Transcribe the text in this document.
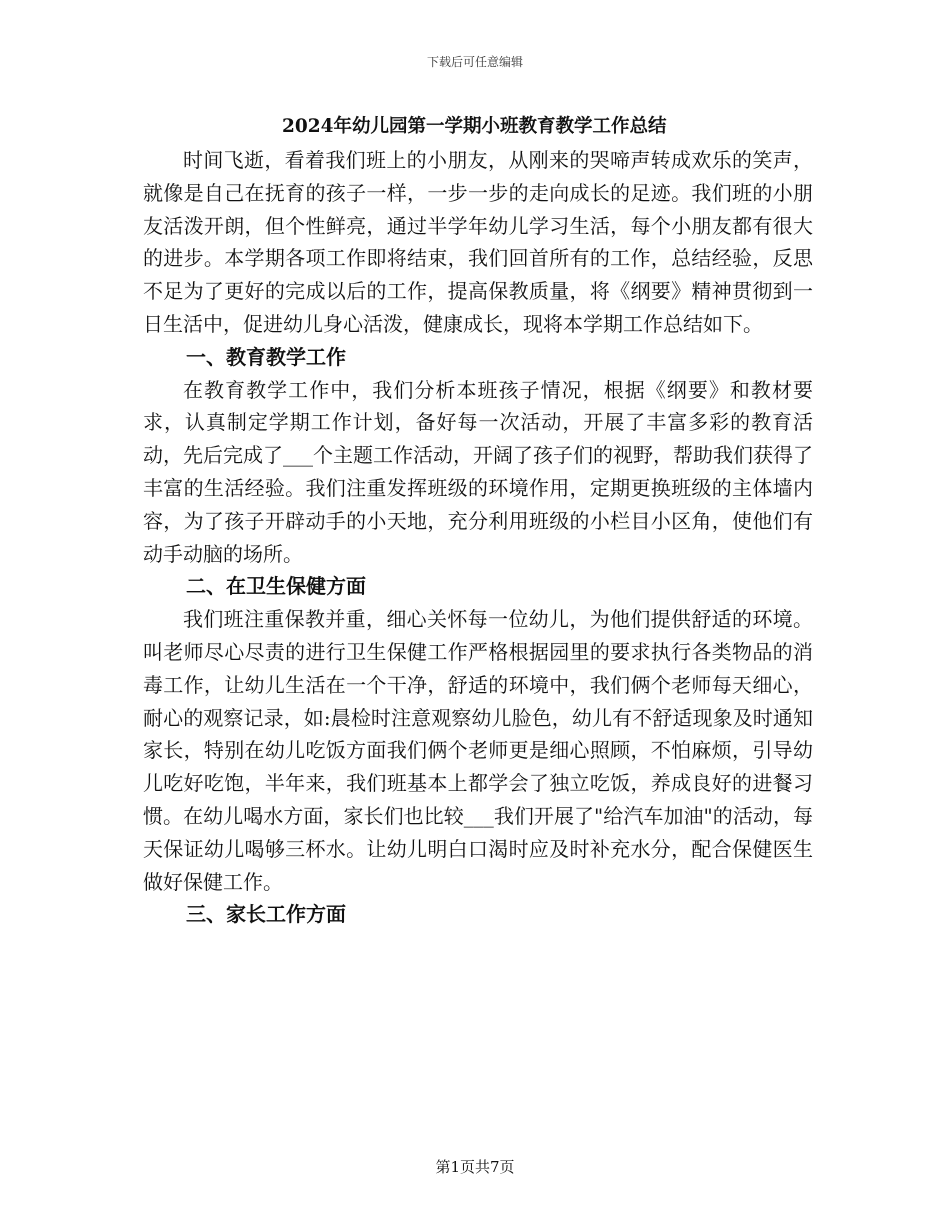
下载后可任意编辑
2024年幼儿园第一学期小班教育教学工作总结

时间飞逝，看着我们班上的小朋友，从刚来的哭啼声转成欢乐的笑声，就像是自己在抚育的孩子一样，一步一步的走向成长的足迹。我们班的小朋友活泼开朗，但个性鲜亮，通过半学年幼儿学习生活，每个小朋友都有很大的进步。本学期各项工作即将结束，我们回首所有的工作，总结经验，反思不足为了更好的完成以后的工作，提高保教质量，将《纲要》精神贯彻到一日生活中，促进幼儿身心活泼，健康成长，现将本学期工作总结如下。

一、教育教学工作

在教育教学工作中，我们分析本班孩子情况，根据《纲要》和教材要求，认真制定学期工作计划，备好每一次活动，开展了丰富多彩的教育活动，先后完成了___个主题工作活动，开阔了孩子们的视野，帮助我们获得了丰富的生活经验。我们注重发挥班级的环境作用，定期更换班级的主体墙内容，为了孩子开辟动手的小天地，充分利用班级的小栏目小区角，使他们有动手动脑的场所。

二、在卫生保健方面

我们班注重保教并重，细心关怀每一位幼儿，为他们提供舒适的环境。叫老师尽心尽责的进行卫生保健工作严格根据园里的要求执行各类物品的消毒工作，让幼儿生活在一个干净，舒适的环境中，我们俩个老师每天细心，耐心的观察记录，如:晨检时注意观察幼儿脸色，幼儿有不舒适现象及时通知家长，特别在幼儿吃饭方面我们俩个老师更是细心照顾，不怕麻烦，引导幼儿吃好吃饱，半年来，我们班基本上都学会了独立吃饭，养成良好的进餐习惯。在幼儿喝水方面，家长们也比较___我们开展了"给汽车加油"的活动，每天保证幼儿喝够三杯水。让幼儿明白口渴时应及时补充水分，配合保健医生做好保健工作。

三、家长工作方面

第1页共7页
